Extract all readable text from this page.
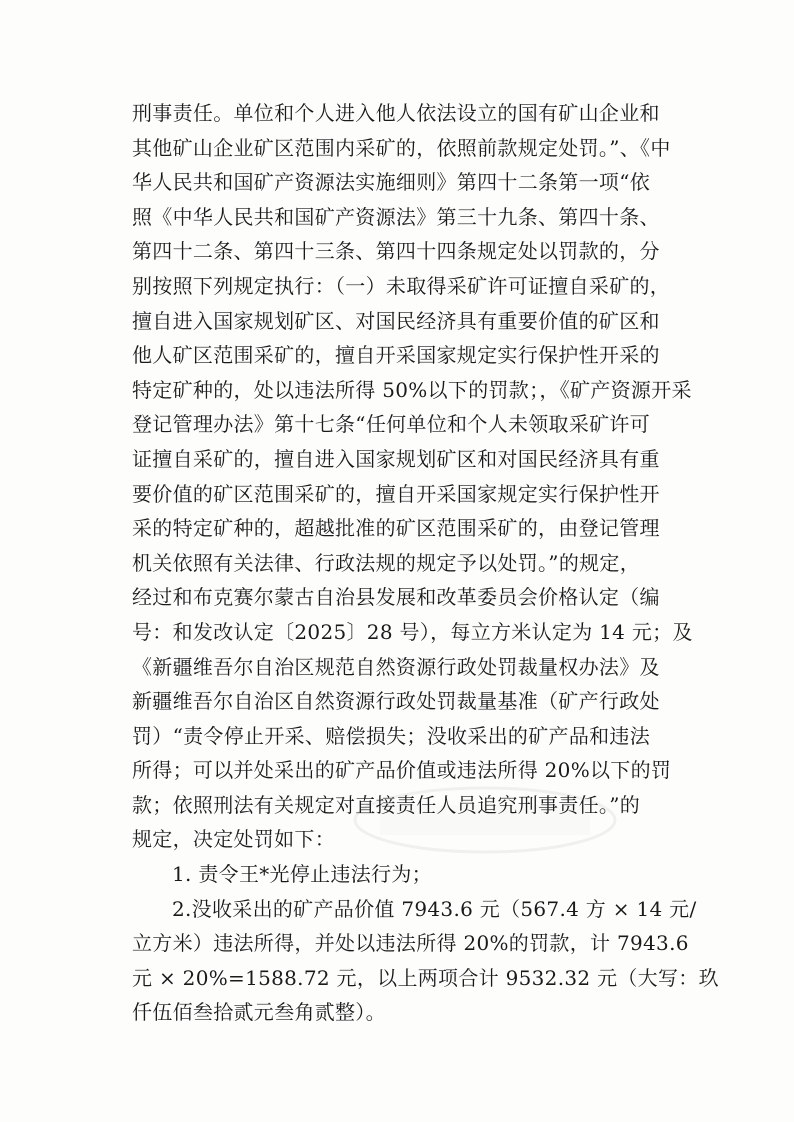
刑事责任。单位和个人进入他人依法设立的国有矿山企业和
其他矿山企业矿区范围内采矿的，依照前款规定处罚。”、《中
华人民共和国矿产资源法实施细则》第四十二条第一项“依
照《中华人民共和国矿产资源法》第三十九条、第四十条、
第四十二条、第四十三条、第四十四条规定处以罚款的，分
别按照下列规定执行：（一）未取得采矿许可证擅自采矿的，
擅自进入国家规划矿区、对国民经济具有重要价值的矿区和
他人矿区范围采矿的，擅自开采国家规定实行保护性开采的
特定矿种的，处以违法所得 50%以下的罚款；，《矿产资源开采
登记管理办法》第十七条“任何单位和个人未领取采矿许可
证擅自采矿的，擅自进入国家规划矿区和对国民经济具有重
要价值的矿区范围采矿的，擅自开采国家规定实行保护性开
采的特定矿种的，超越批准的矿区范围采矿的，由登记管理
机关依照有关法律、行政法规的规定予以处罚。”的规定，
经过和布克赛尔蒙古自治县发展和改革委员会价格认定（编
号：和发改认定〔2025〕28 号），每立方米认定为 14 元；及
《新疆维吾尔自治区规范自然资源行政处罚裁量权办法》及
新疆维吾尔自治区自然资源行政处罚裁量基准（矿产行政处
罚）“责令停止开采、赔偿损失；没收采出的矿产品和违法
所得；可以并处采出的矿产品价值或违法所得 20%以下的罚
款；依照刑法有关规定对直接责任人员追究刑事责任。”的
规定，决定处罚如下：
1. 责令王*光停止违法行为；
2.没收采出的矿产品价值 7943.6 元（567.4 方 × 14 元/
立方米）违法所得，并处以违法所得 20%的罚款，计 7943.6
元 × 20%=1588.72 元，以上两项合计 9532.32 元（大写：玖
仟伍佰叁拾贰元叁角贰整）。
